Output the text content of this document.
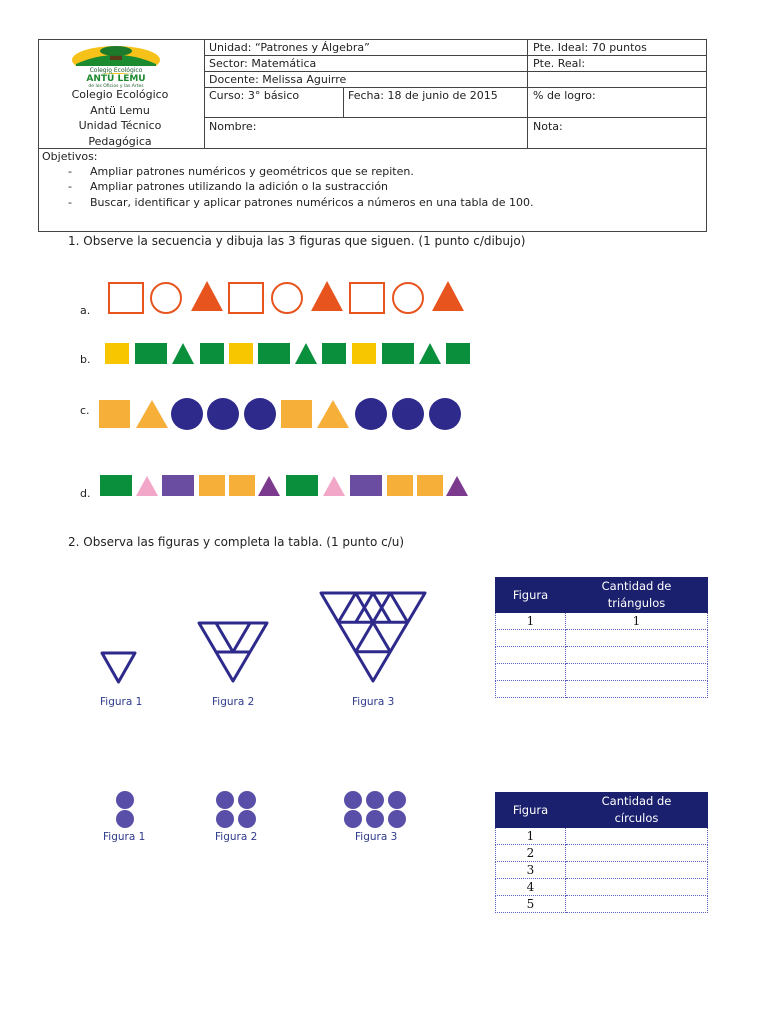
Colegio Ecológico
ANTÜ LEMU
de los Oficios y las Artes
Colegio Ecológico
Antü Lemu
Unidad Técnico
Pedagógica
Unidad: “Patrones y Álgebra”	Pte. Ideal: 70 puntos
Sector: Matemática	Pte. Real:
Docente: Melissa Aguirre
Curso: 3° básico	Fecha: 18 de junio de 2015	% de logro:
Nombre:	Nota:
Objetivos:
-
-
-
Ampliar patrones numéricos y geométricos que se repiten.
Ampliar patrones utilizando la adición o la sustracción
Buscar, identificar y aplicar patrones numéricos a números en una tabla de 100.
1. Observe la secuencia y dibuja las 3 figuras que siguen. (1 punto c/dibujo)
a.
b.
c.
d.
2. Observa las figuras y completa la tabla. (1 punto c/u)
Figura 1	Figura 2	Figura 3
Figura 1	Figura 2	Figura 3
Figura	Cantidad de
triángulos
1	1

Figura	Cantidad de
círculos
1	
2	
3	
4	
5	
